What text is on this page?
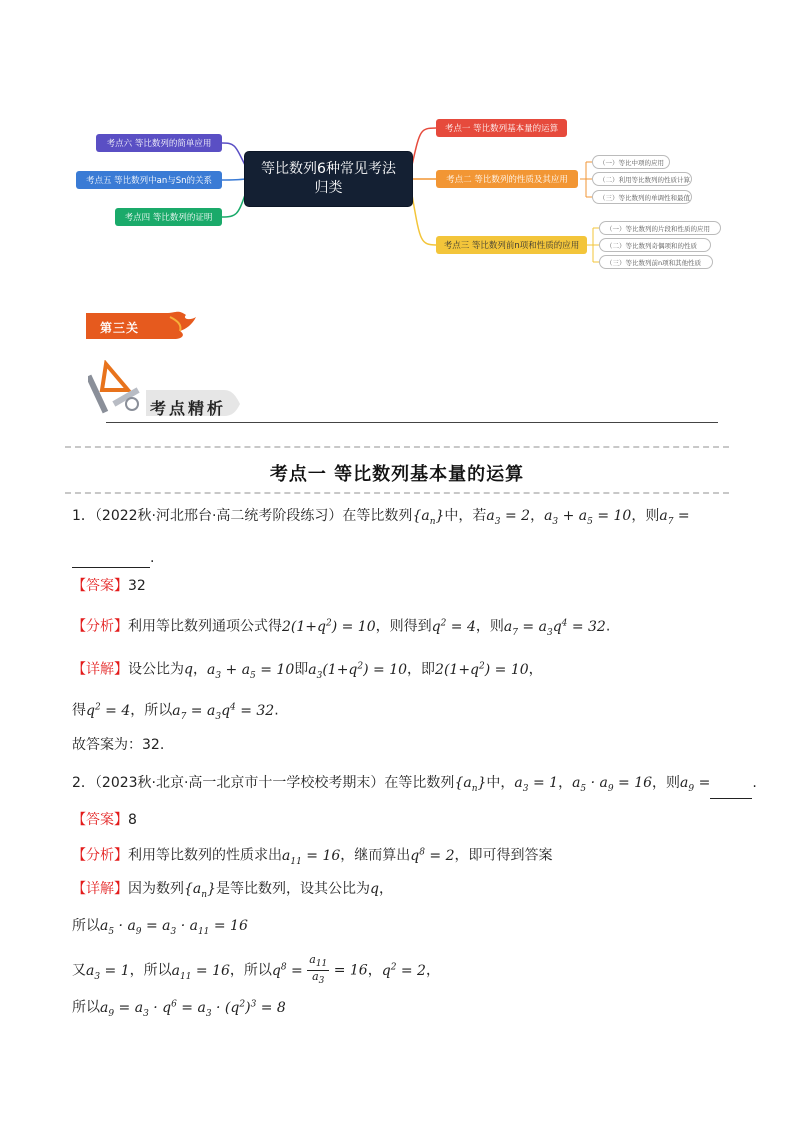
等比数列6种常见考法
归类
考点一 等比数列基本量的运算
考点二 等比数列的性质及其应用
考点三 等比数列前n项和性质的应用
考点六 等比数列的简单应用
考点五 等比数列中an与Sn的关系
考点四 等比数列的证明
（一）等比中项的应用
（二）利用等比数列的性质计算
（三）等比数列的单调性和最值
（一）等比数列的片段和性质的应用
（二）等比数列奇偶项和的性质
（三）等比数列前n项和其他性质
第三关
考点精析
考点一 等比数列基本量的运算
1．（2022秋·河北邢台·高二统考阶段练习）在等比数列$\{a_n\}$中，若$a_3 = 2$，$a_3 + a_5 = 10$，则$a_7$ =
.
【答案】32
【分析】利用等比数列通项公式得$2(1+q^2) = 10$，则得到$q^2 = 4$，则$a_7 = a_3q^4 = 32$.
【详解】设公比为q，$a_3 + a_5 = 10$即$a_3(1+q^2) = 10$，即$2(1+q^2) = 10$，
得$q^2 = 4$，所以$a_7 = a_3q^4 = 32$.
故答案为：32.
2．（2023秋·北京·高一北京市十一学校校考期末）在等比数列$\{a_n\}$中，$a_3 = 1$，$a_5 \cdot a_9 = 16$，则$a_9$ =	.
【答案】8
【分析】利用等比数列的性质求出$a_{11} = 16$，继而算出$q^8 = 2$，即可得到答案
【详解】因为数列$\{a_n\}$是等比数列，设其公比为q，
所以$a_5 \cdot a_9 = a_3 \cdot a_{11} = 16$
又$a_3 = 1$，所以$a_{11} = 16$，所以$q^8 = \frac{a_{11}}{a_3} = 16$，$q^2 = 2$，
所以$a_9 = a_3 \cdot q^6 = a_3 \cdot (q^2)^3 = 8$
